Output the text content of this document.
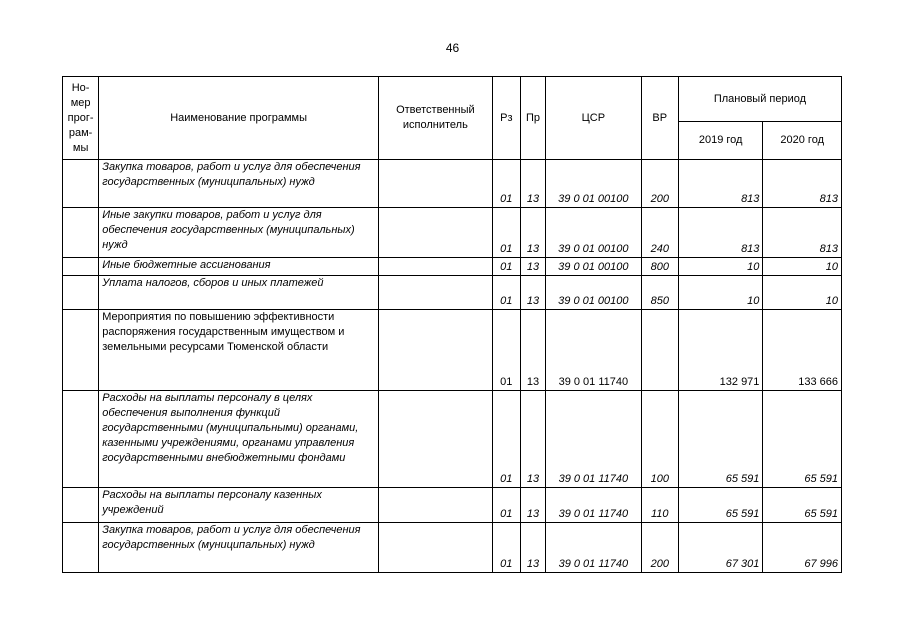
46
Но-мер прог-рам-мы	Наименование программы	Ответственный исполнитель	Рз	Пр	ЦСР	ВР	Плановый период	
							2019 год	2020 год
	Закупка товаров, работ и услуг для обеспечения государственных (муниципальных) нужд		01	13	39 0 01 00100	200	813	813
	Иные закупки товаров, работ и услуг для обеспечения государственных (муниципальных) нужд		01	13	39 0 01 00100	240	813	813
	Иные бюджетные ассигнования		01	13	39 0 01 00100	800	10	10
	Уплата налогов, сборов и иных платежей		01	13	39 0 01 00100	850	10	10
	Мероприятия по повышению эффективности распоряжения государственным имуществом и земельными ресурсами Тюменской области		01	13	39 0 01 11740		132 971	133 666
	Расходы на выплаты персоналу в целях обеспечения выполнения функций государственными (муниципальными) органами, казенными учреждениями, органами управления государственными внебюджетными фондами		01	13	39 0 01 11740	100	65 591	65 591
	Расходы на выплаты персоналу казенных учреждений		01	13	39 0 01 11740	110	65 591	65 591
	Закупка товаров, работ и услуг для обеспечения государственных (муниципальных) нужд		01	13	39 0 01 11740	200	67 301	67 996
